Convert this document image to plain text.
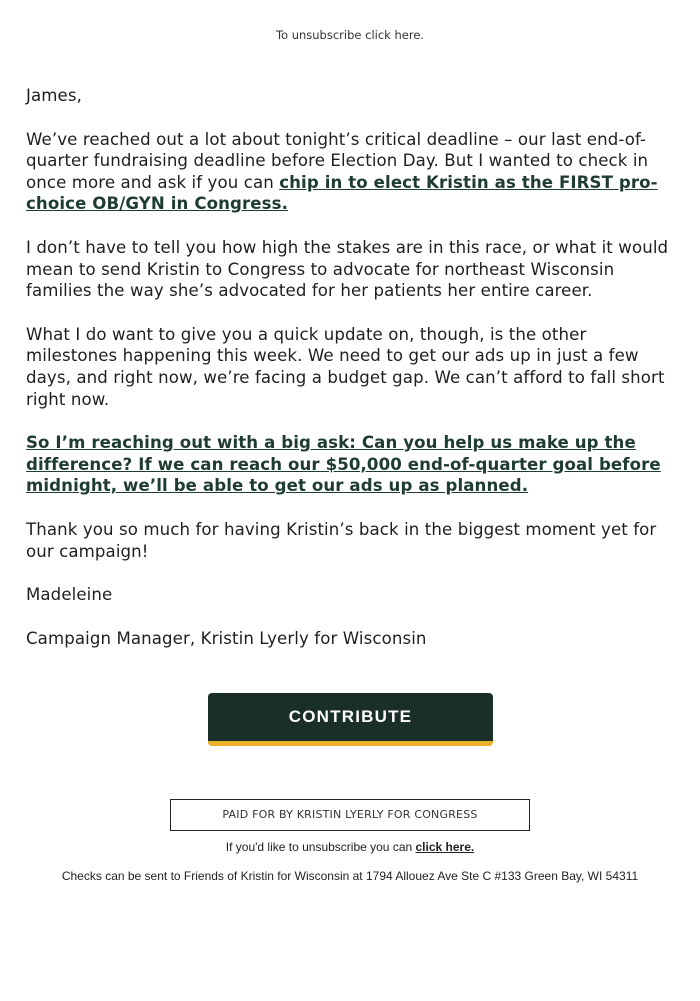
To unsubscribe click here.

James,

We’ve reached out a lot about tonight’s critical deadline – our last end-of-quarter fundraising deadline before Election Day. But I wanted to check in once more and ask if you can chip in to elect Kristin as the FIRST pro-choice OB/GYN in Congress.

I don’t have to tell you how high the stakes are in this race, or what it would mean to send Kristin to Congress to advocate for northeast Wisconsin families the way she’s advocated for her patients her entire career.

What I do want to give you a quick update on, though, is the other milestones happening this week. We need to get our ads up in just a few days, and right now, we’re facing a budget gap. We can’t afford to fall short right now.

So I’m reaching out with a big ask: Can you help us make up the difference? If we can reach our $50,000 end-of-quarter goal before midnight, we’ll be able to get our ads up as planned.

Thank you so much for having Kristin’s back in the biggest moment yet for our campaign!

Madeleine

Campaign Manager, Kristin Lyerly for Wisconsin

CONTRIBUTE
PAID FOR BY KRISTIN LYERLY FOR CONGRESS
If you'd like to unsubscribe you can click here.
Checks can be sent to Friends of Kristin for Wisconsin at 1794 Allouez Ave Ste C #133 Green Bay, WI 54311
